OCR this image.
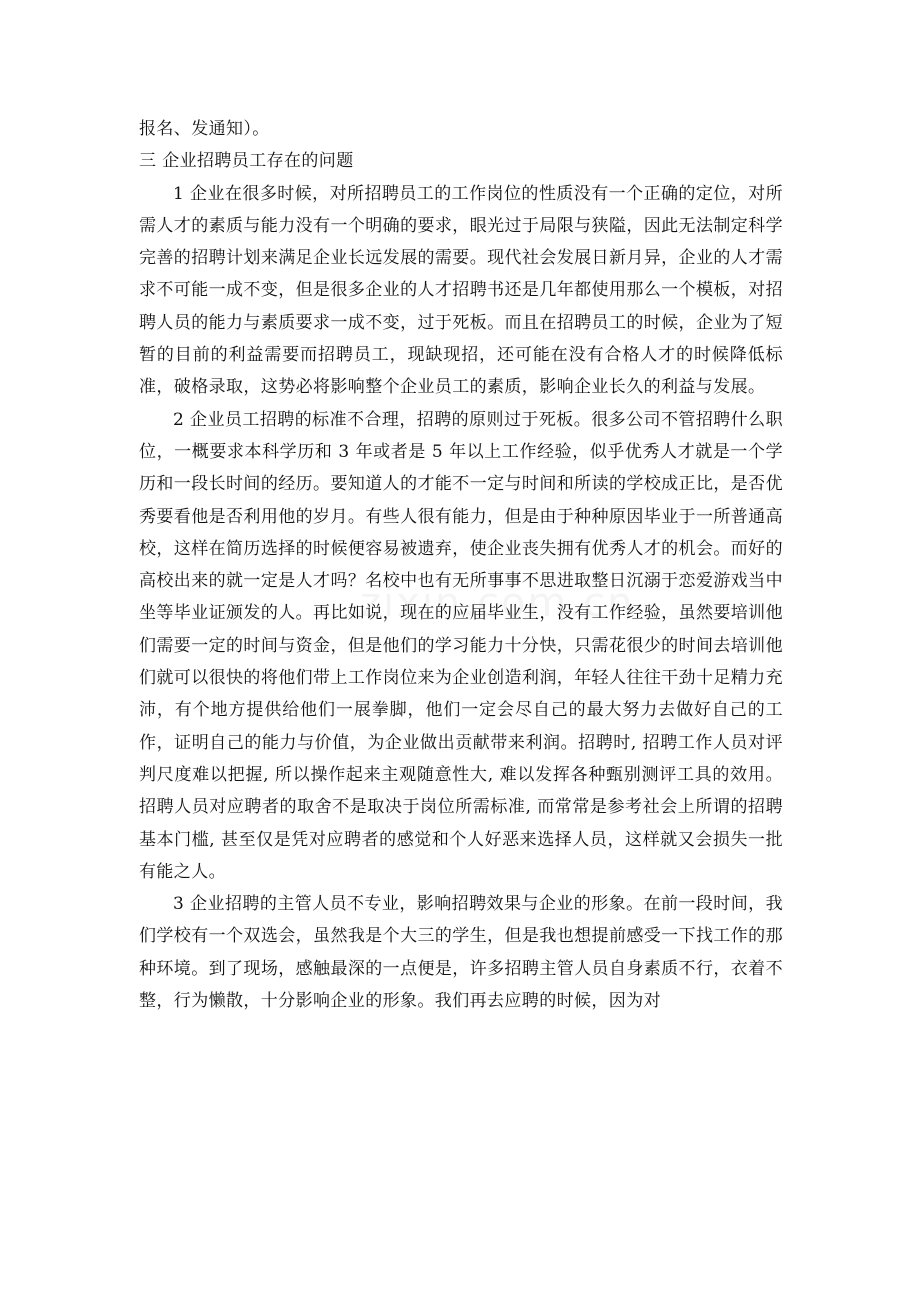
报名、发通知）。

三 企业招聘员工存在的问题

1 企业在很多时候，对所招聘员工的工作岗位的性质没有一个正确的定位，对所需人才的素质与能力没有一个明确的要求，眼光过于局限与狭隘，因此无法制定科学完善的招聘计划来满足企业长远发展的需要。现代社会发展日新月异，企业的人才需求不可能一成不变，但是很多企业的人才招聘书还是几年都使用那么一个模板，对招聘人员的能力与素质要求一成不变，过于死板。而且在招聘员工的时候，企业为了短暂的目前的利益需要而招聘员工，现缺现招，还可能在没有合格人才的时候降低标准，破格录取，这势必将影响整个企业员工的素质，影响企业长久的利益与发展。

2 企业员工招聘的标准不合理，招聘的原则过于死板。很多公司不管招聘什么职位，一概要求本科学历和 3 年或者是 5 年以上工作经验，似乎优秀人才就是一个学历和一段长时间的经历。要知道人的才能不一定与时间和所读的学校成正比，是否优秀要看他是否利用他的岁月。有些人很有能力，但是由于种种原因毕业于一所普通高校，这样在简历选择的时候便容易被遗弃，使企业丧失拥有优秀人才的机会。而好的高校出来的就一定是人才吗？名校中也有无所事事不思进取整日沉溺于恋爱游戏当中坐等毕业证颁发的人。再比如说，现在的应届毕业生，没有工作经验，虽然要培训他们需要一定的时间与资金，但是他们的学习能力十分快，只需花很少的时间去培训他们就可以很快的将他们带上工作岗位来为企业创造利润，年轻人往往干劲十足精力充沛，有个地方提供给他们一展拳脚，他们一定会尽自己的最大努力去做好自己的工作，证明自己的能力与价值，为企业做出贡献带来利润。招聘时, 招聘工作人员对评判尺度难以把握, 所以操作起来主观随意性大, 难以发挥各种甄别测评工具的效用。招聘人员对应聘者的取舍不是取决于岗位所需标准, 而常常是参考社会上所谓的招聘基本门槛, 甚至仅是凭对应聘者的感觉和个人好恶来选择人员，这样就又会损失一批有能之人。

3 企业招聘的主管人员不专业，影响招聘效果与企业的形象。在前一段时间，我们学校有一个双选会，虽然我是个大三的学生，但是我也想提前感受一下找工作的那种环境。到了现场，感触最深的一点便是，许多招聘主管人员自身素质不行，衣着不整，行为懒散，十分影响企业的形象。我们再去应聘的时候，因为对
